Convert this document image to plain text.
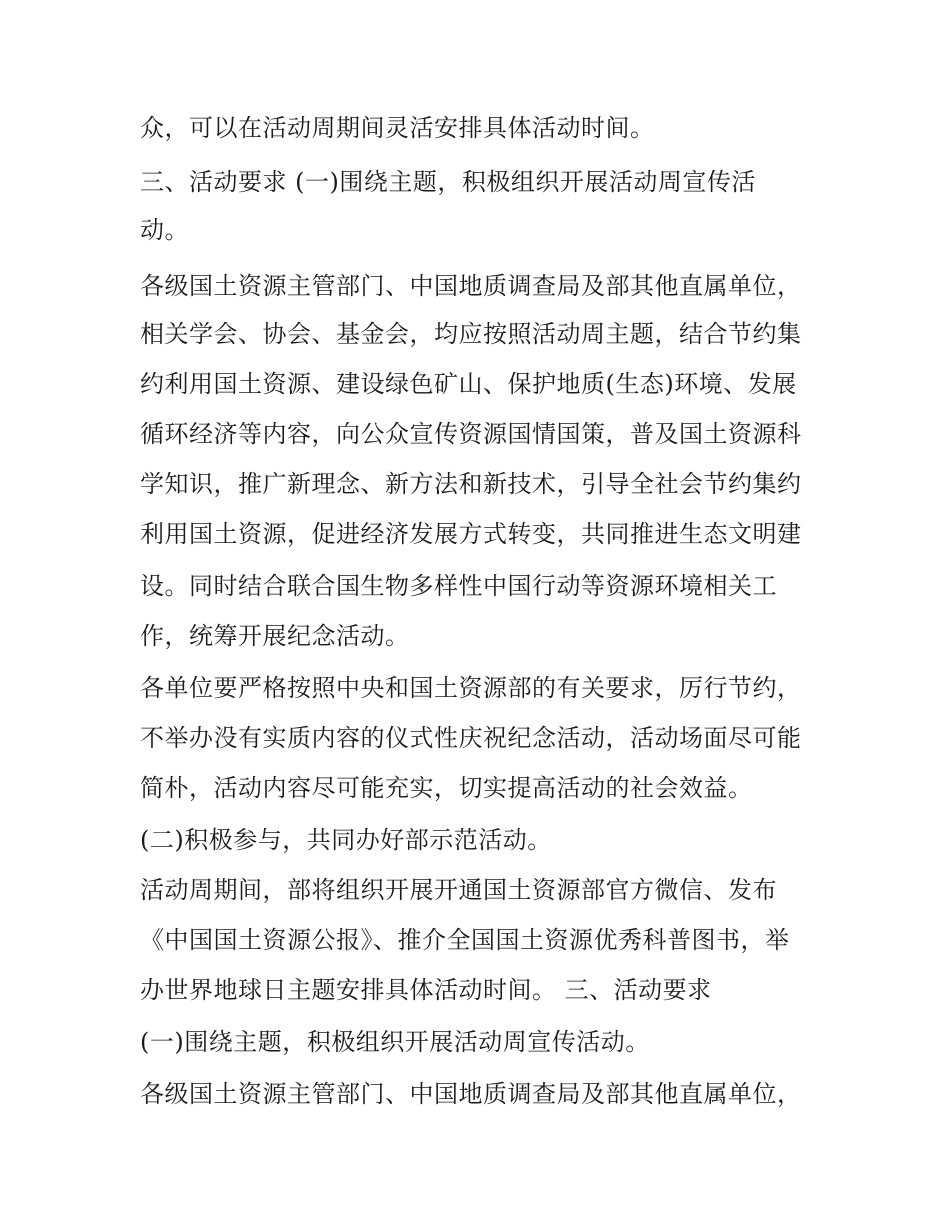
众，可以在活动周期间灵活安排具体活动时间。

三、活动要求 (一)围绕主题，积极组织开展活动周宣传活

动。

各级国土资源主管部门、中国地质调查局及部其他直属单位，

相关学会、协会、基金会，均应按照活动周主题，结合节约集

约利用国土资源、建设绿色矿山、保护地质(生态)环境、发展

循环经济等内容，向公众宣传资源国情国策，普及国土资源科

学知识，推广新理念、新方法和新技术，引导全社会节约集约

利用国土资源，促进经济发展方式转变，共同推进生态文明建

设。同时结合联合国生物多样性中国行动等资源环境相关工

作，统筹开展纪念活动。

各单位要严格按照中央和国土资源部的有关要求，厉行节约，

不举办没有实质内容的仪式性庆祝纪念活动，活动场面尽可能

简朴，活动内容尽可能充实，切实提高活动的社会效益。

(二)积极参与，共同办好部示范活动。

活动周期间，部将组织开展开通国土资源部官方微信、发布

《中国国土资源公报》、推介全国国土资源优秀科普图书，举

办世界地球日主题安排具体活动时间。 三、活动要求

(一)围绕主题，积极组织开展活动周宣传活动。

各级国土资源主管部门、中国地质调查局及部其他直属单位，
